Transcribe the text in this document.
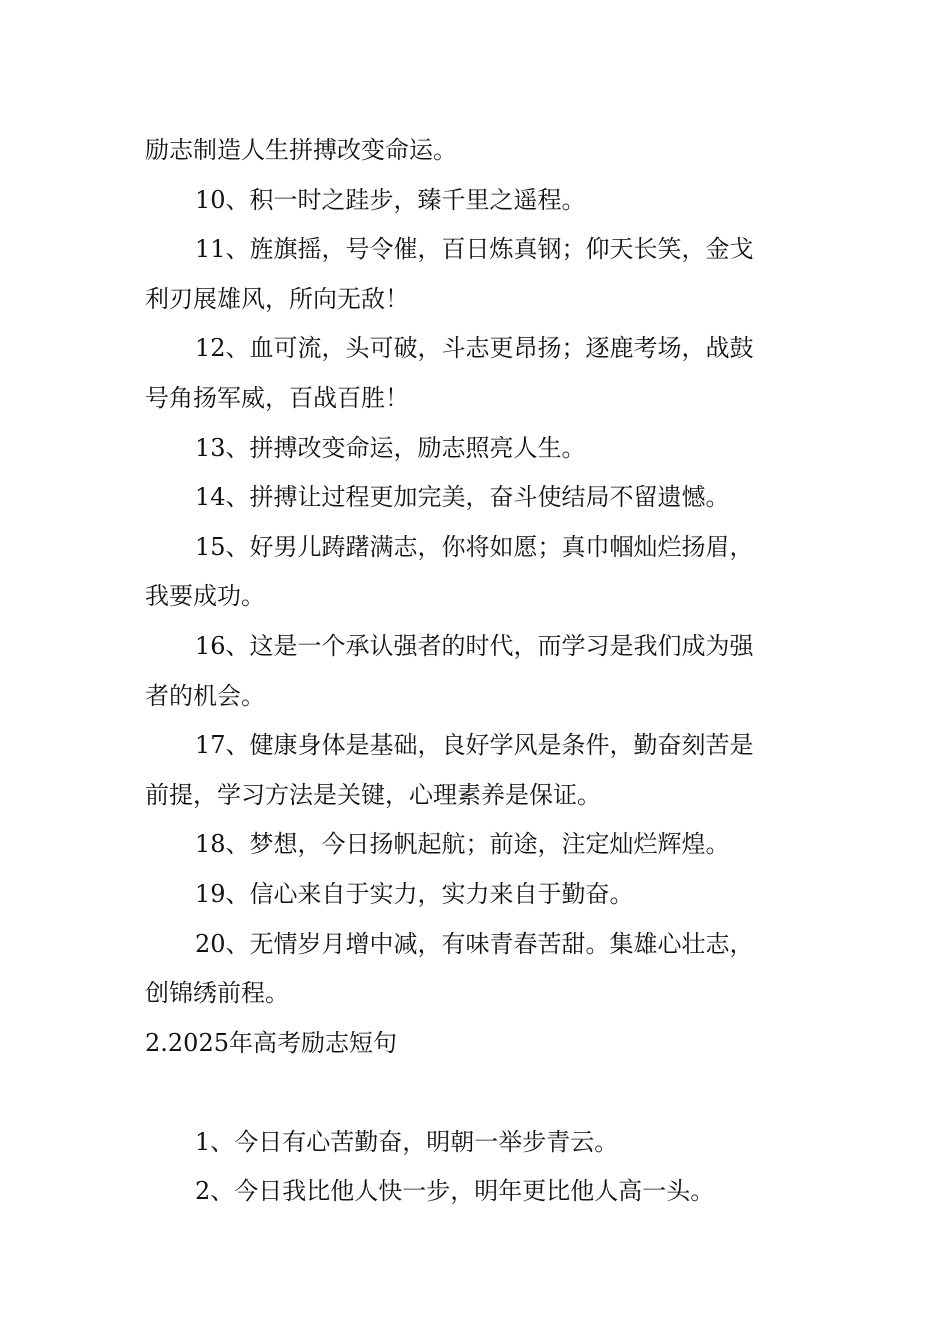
励志制造人生拼搏改变命运。
10、积一时之跬步，臻千里之遥程。
11、旌旗摇，号令催，百日炼真钢；仰天长笑，金戈
利刃展雄风，所向无敌！
12、血可流，头可破，斗志更昂扬；逐鹿考场，战鼓
号角扬军威，百战百胜！
13、拼搏改变命运，励志照亮人生。
14、拼搏让过程更加完美，奋斗使结局不留遗憾。
15、好男儿踌躇满志，你将如愿；真巾帼灿烂扬眉，
我要成功。
16、这是一个承认强者的时代，而学习是我们成为强
者的机会。
17、健康身体是基础，良好学风是条件，勤奋刻苦是
前提，学习方法是关键，心理素养是保证。
18、梦想，今日扬帆起航；前途，注定灿烂辉煌。
19、信心来自于实力，实力来自于勤奋。
20、无情岁月增中减，有味青春苦甜。集雄心壮志，
创锦绣前程。
2.2025年高考励志短句
1、今日有心苦勤奋，明朝一举步青云。
2、今日我比他人快一步，明年更比他人高一头。
